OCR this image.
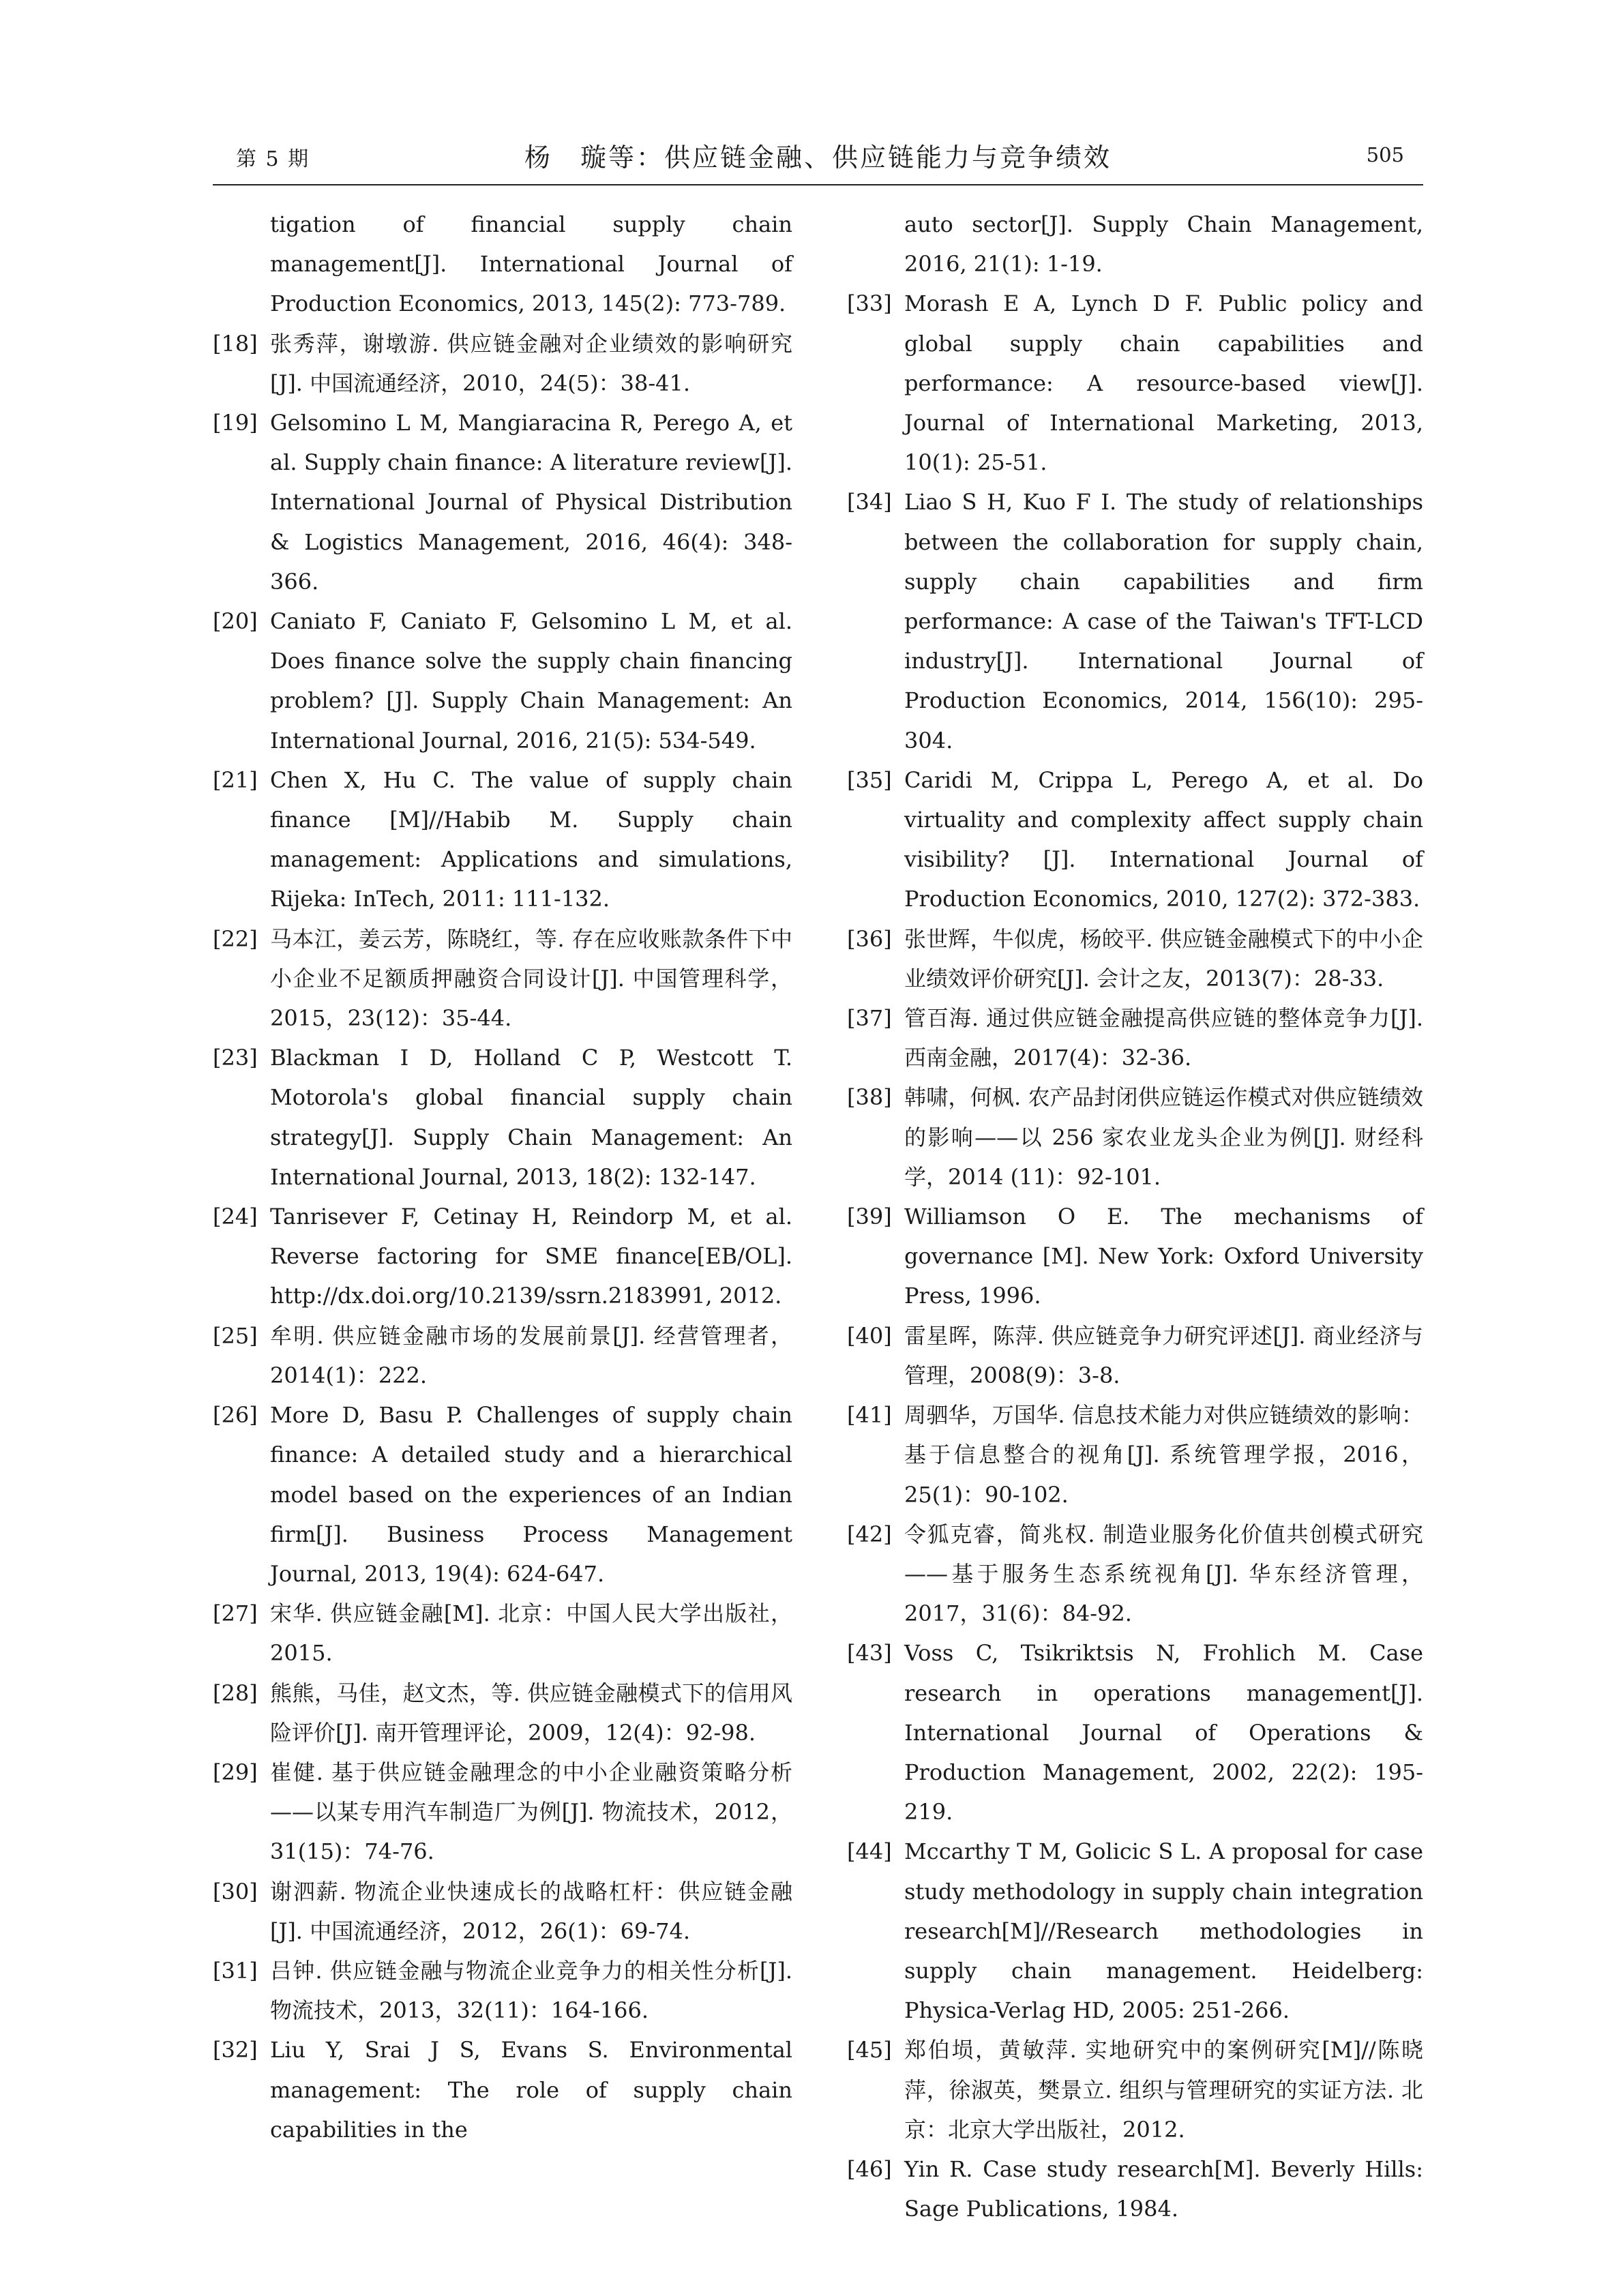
第 5 期	杨　璇等：供应链金融、供应链能力与竞争绩效	505
tigation of financial supply chain management[J]. International Journal of Production Economics, 2013, 145(2): 773-789.
[18] 张秀萍，谢墩游. 供应链金融对企业绩效的影响研究[J]. 中国流通经济，2010，24(5)：38-41.
[19] Gelsomino L M, Mangiaracina R, Perego A, et al. Supply chain finance: A literature review[J]. International Journal of Physical Distribution & Logistics Management, 2016, 46(4): 348-366.
[20] Caniato F, Caniato F, Gelsomino L M, et al. Does finance solve the supply chain financing problem? [J]. Supply Chain Management: An International Journal, 2016, 21(5): 534-549.
[21] Chen X, Hu C. The value of supply chain finance [M]//Habib M. Supply chain management: Applications and simulations, Rijeka: InTech, 2011: 111-132.
[22] 马本江，姜云芳，陈晓红，等. 存在应收账款条件下中小企业不足额质押融资合同设计[J]. 中国管理科学，2015，23(12)：35-44.
[23] Blackman I D, Holland C P, Westcott T. Motorola's global financial supply chain strategy[J]. Supply Chain Management: An International Journal, 2013, 18(2): 132-147.
[24] Tanrisever F, Cetinay H, Reindorp M, et al. Reverse factoring for SME finance[EB/OL]. http://dx.doi.org/10.2139/ssrn.2183991, 2012.
[25] 牟明. 供应链金融市场的发展前景[J]. 经营管理者，2014(1)：222.
[26] More D, Basu P. Challenges of supply chain finance: A detailed study and a hierarchical model based on the experiences of an Indian firm[J]. Business Process Management Journal, 2013, 19(4): 624-647.
[27] 宋华. 供应链金融[M]. 北京：中国人民大学出版社，2015.
[28] 熊熊，马佳，赵文杰，等. 供应链金融模式下的信用风险评价[J]. 南开管理评论，2009，12(4)：92-98.
[29] 崔健. 基于供应链金融理念的中小企业融资策略分析——以某专用汽车制造厂为例[J]. 物流技术，2012，31(15)：74-76.
[30] 谢泗薪. 物流企业快速成长的战略杠杆：供应链金融[J]. 中国流通经济，2012，26(1)：69-74.
[31] 吕钟. 供应链金融与物流企业竞争力的相关性分析[J]. 物流技术，2013，32(11)：164-166.
[32] Liu Y, Srai J S, Evans S. Environmental management: The role of supply chain capabilities in the
auto sector[J]. Supply Chain Management, 2016, 21(1): 1-19.
[33] Morash E A, Lynch D F. Public policy and global supply chain capabilities and performance: A resource-based view[J]. Journal of International Marketing, 2013, 10(1): 25-51.
[34] Liao S H, Kuo F I. The study of relationships between the collaboration for supply chain, supply chain capabilities and firm performance: A case of the Taiwan's TFT-LCD industry[J]. International Journal of Production Economics, 2014, 156(10): 295-304.
[35] Caridi M, Crippa L, Perego A, et al. Do virtuality and complexity affect supply chain visibility? [J]. International Journal of Production Economics, 2010, 127(2): 372-383.
[36] 张世辉，牛似虎，杨皎平. 供应链金融模式下的中小企业绩效评价研究[J]. 会计之友，2013(7)：28-33.
[37] 管百海. 通过供应链金融提高供应链的整体竞争力[J]. 西南金融，2017(4)：32-36.
[38] 韩啸，何枫. 农产品封闭供应链运作模式对供应链绩效的影响——以 256 家农业龙头企业为例[J]. 财经科学，2014 (11)：92-101.
[39] Williamson O E. The mechanisms of governance [M]. New York: Oxford University Press, 1996.
[40] 雷星晖，陈萍. 供应链竞争力研究评述[J]. 商业经济与管理，2008(9)：3-8.
[41] 周驷华，万国华. 信息技术能力对供应链绩效的影响：基于信息整合的视角[J]. 系统管理学报，2016，25(1)：90-102.
[42] 令狐克睿，简兆权. 制造业服务化价值共创模式研究——基于服务生态系统视角[J]. 华东经济管理，2017，31(6)：84-92.
[43] Voss C, Tsikriktsis N, Frohlich M. Case research in operations management[J]. International Journal of Operations & Production Management, 2002, 22(2): 195-219.
[44] Mccarthy T M, Golicic S L. A proposal for case study methodology in supply chain integration research[M]//Research methodologies in supply chain management. Heidelberg: Physica-Verlag HD, 2005: 251-266.
[45] 郑伯埙，黄敏萍. 实地研究中的案例研究[M]//陈晓萍，徐淑英，樊景立. 组织与管理研究的实证方法. 北京：北京大学出版社，2012.
[46] Yin R. Case study research[M]. Beverly Hills: Sage Publications, 1984.
